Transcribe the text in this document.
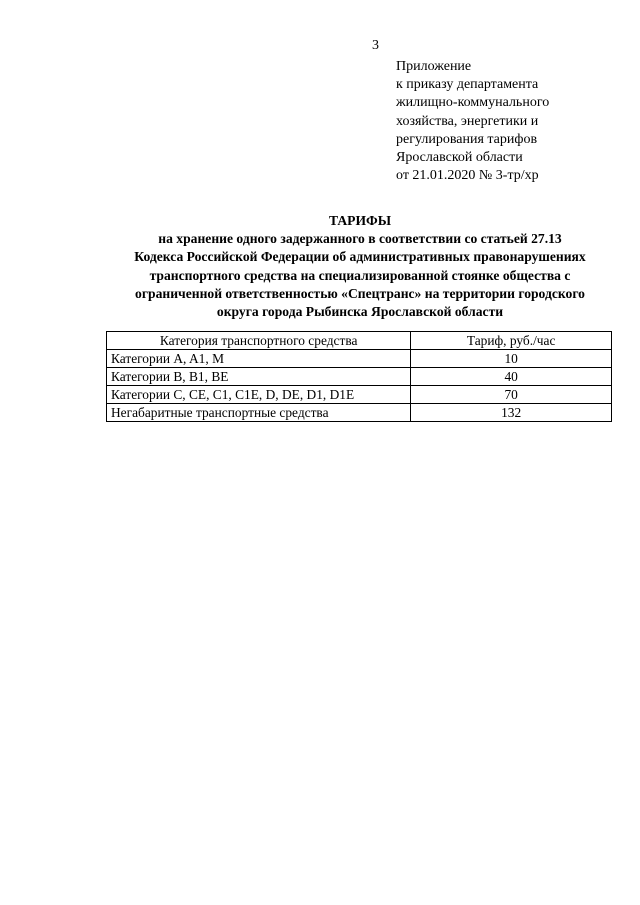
3
Приложение
к приказу департамента
жилищно-коммунального
хозяйства, энергетики и
регулирования тарифов
Ярославской области
от 21.01.2020 № 3-тр/хр
ТАРИФЫ
на хранение одного задержанного в соответствии со статьей 27.13
Кодекса Российской Федерации об административных правонарушениях
транспортного средства на специализированной стоянке общества с
ограниченной ответственностью «Спецтранс» на территории городского
округа города Рыбинска Ярославской области
Категория транспортного средства	Тариф, руб./час
Категории A, A1, M	10
Категории B, B1, BE	40
Категории C, CE, C1, C1E, D, DE, D1, D1E	70
Негабаритные транспортные средства	132
